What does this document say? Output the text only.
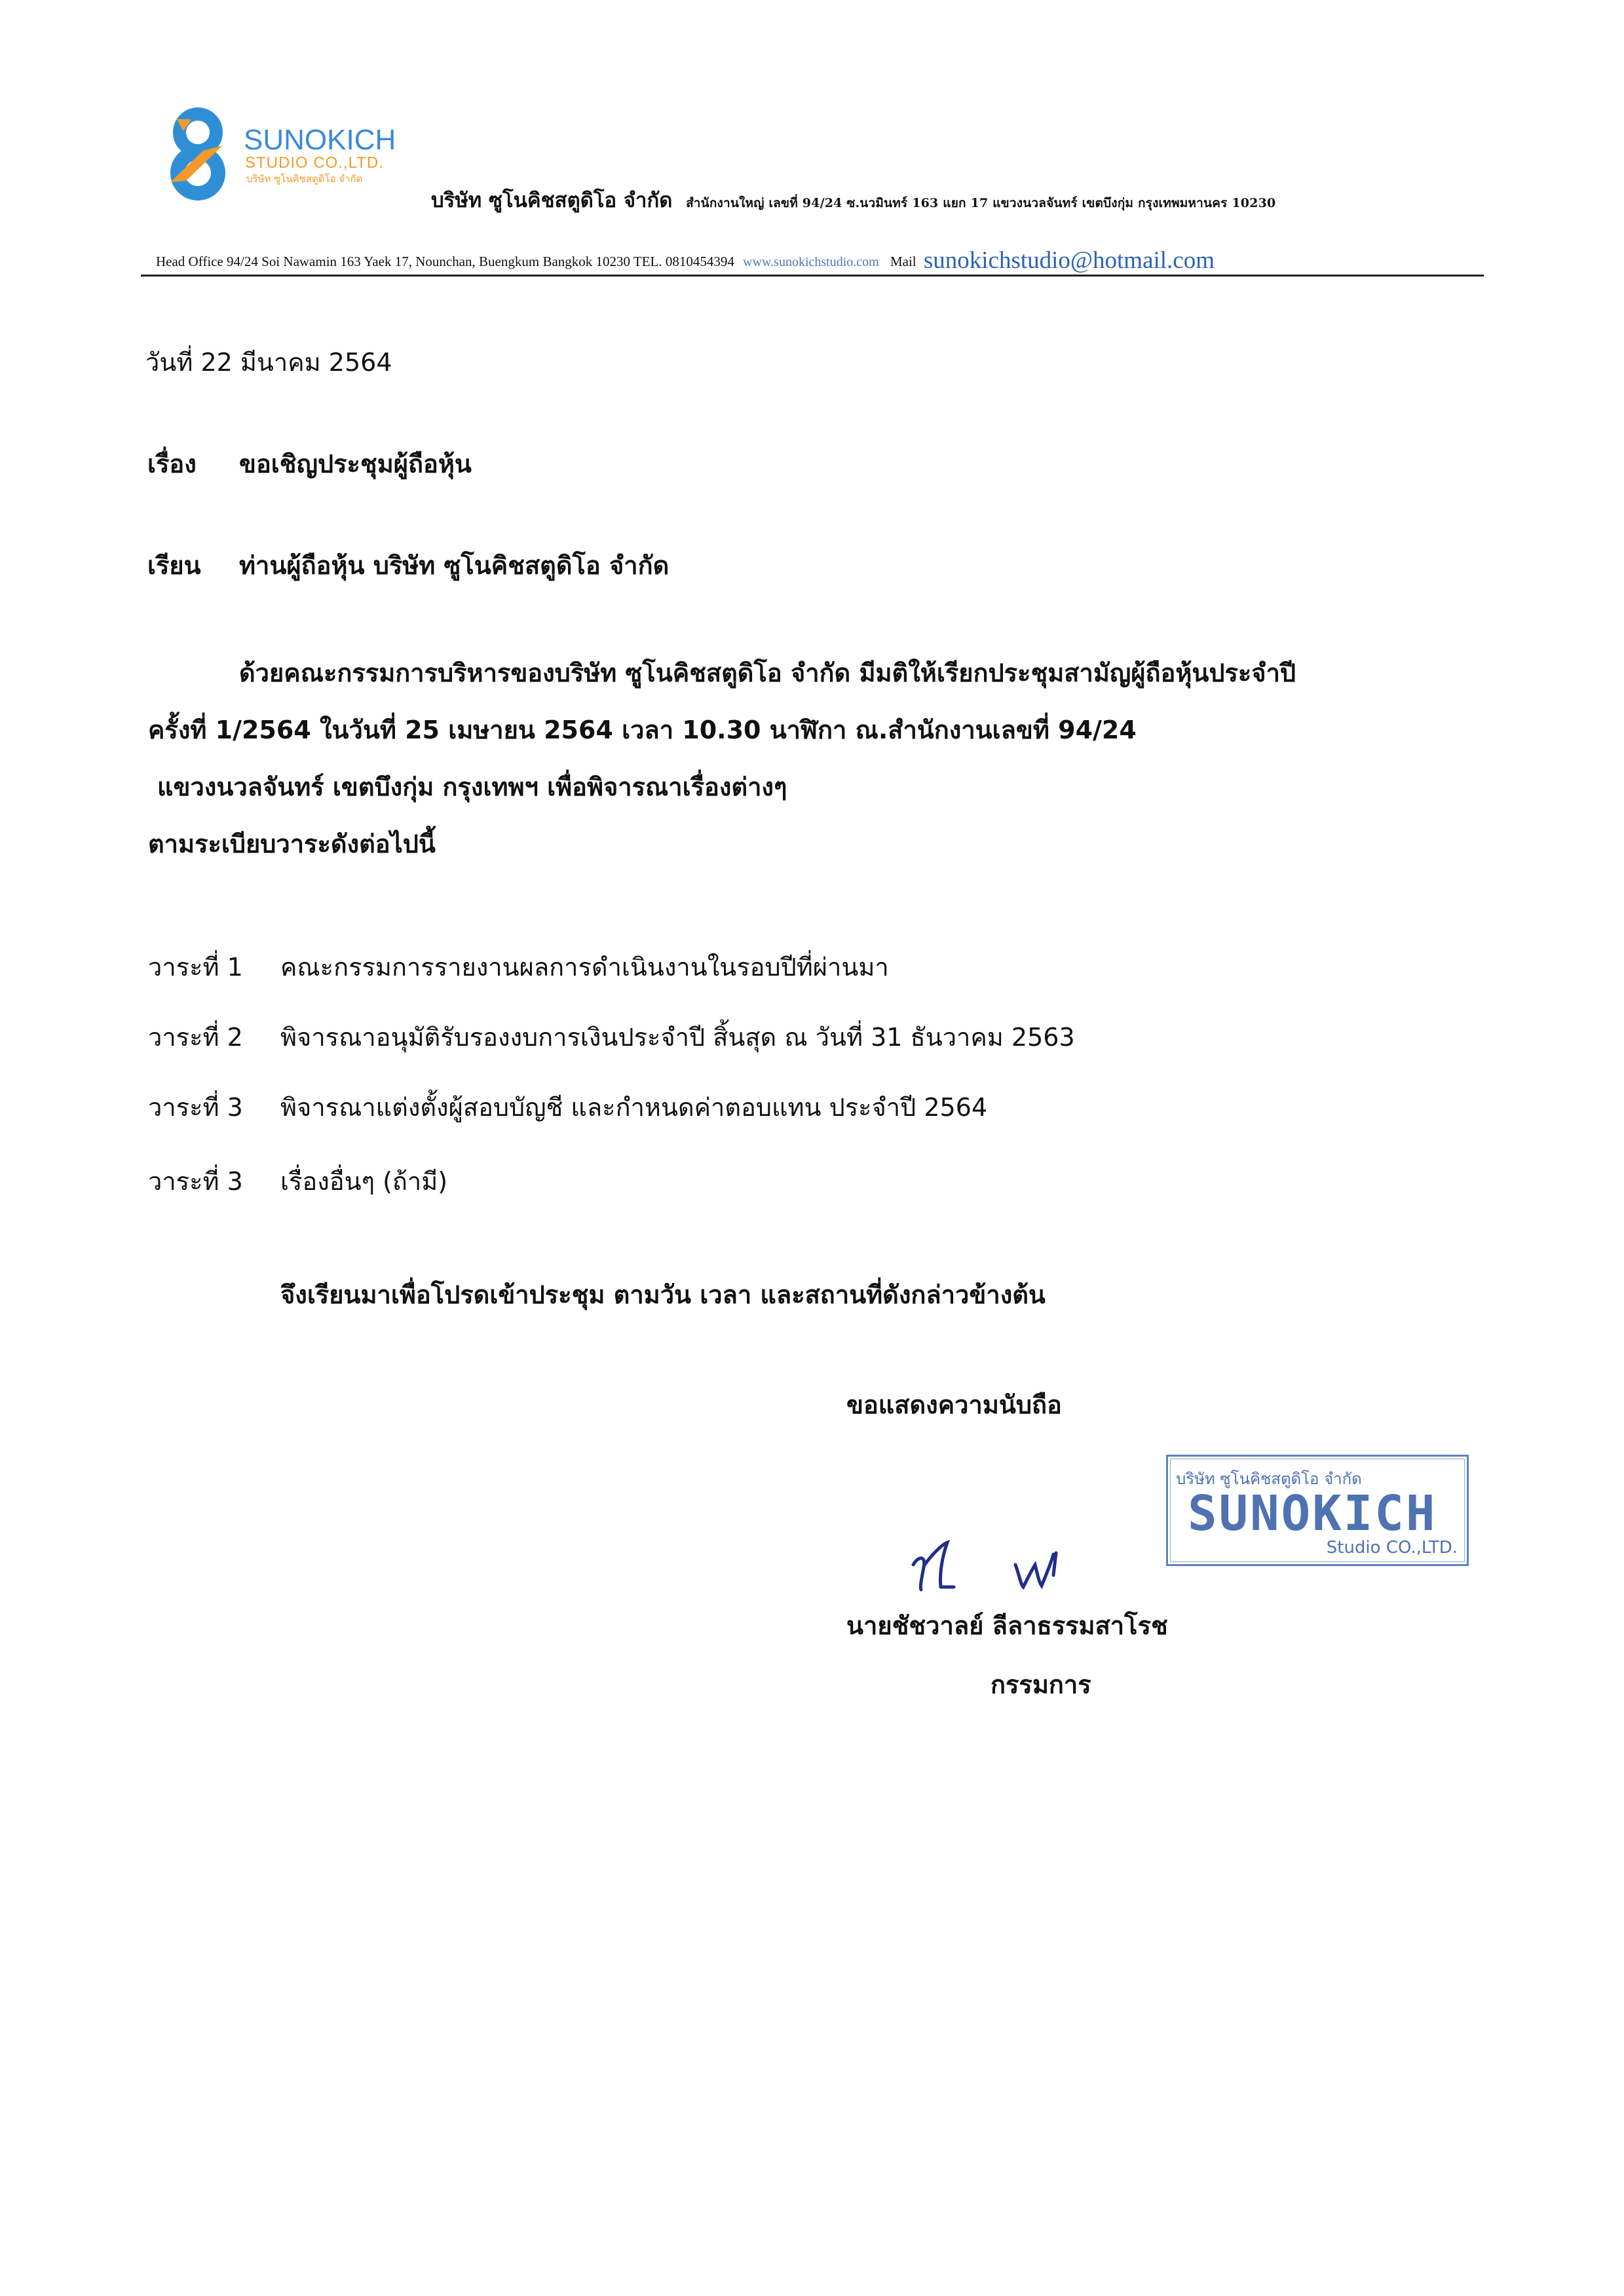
SUNOKICH
STUDIO CO.,LTD.
บริษัท ซูโนคิชสตูดิโอ จำกัด
บริษัท ซูโนคิชสตูดิโอ จำกัด สำนักงานใหญ่ เลขที่ 94/24 ซ.นวมินทร์ 163 แยก 17 แขวงนวลจันทร์ เขตบึงกุ่ม กรุงเทพมหานคร 10230
Head Office 94/24 Soi Nawamin 163 Yaek 17, Nounchan, Buengkum Bangkok 10230 TEL. 0810454394 www.sunokichstudio.com Mail sunokichstudio@hotmail.com
วันที่ 22 มีนาคม 2564
เรื่อง ขอเชิญประชุมผู้ถือหุ้น
เรียน ท่านผู้ถือหุ้น บริษัท ซูโนคิชสตูดิโอ จำกัด
ด้วยคณะกรรมการบริหารของบริษัท ซูโนคิชสตูดิโอ จำกัด มีมติให้เรียกประชุมสามัญผู้ถือหุ้นประจำปี
ครั้งที่ 1/2564 ในวันที่ 25 เมษายน 2564 เวลา 10.30 นาฬิกา ณ.สำนักงานเลขที่ 94/24
แขวงนวลจันทร์ เขตบึงกุ่ม กรุงเทพฯ เพื่อพิจารณาเรื่องต่างๆ
ตามระเบียบวาระดังต่อไปนี้
วาระที่ 1 คณะกรรมการรายงานผลการดำเนินงานในรอบปีที่ผ่านมา
วาระที่ 2 พิจารณาอนุมัติรับรองงบการเงินประจำปี สิ้นสุด ณ วันที่ 31 ธันวาคม 2563
วาระที่ 3 พิจารณาแต่งตั้งผู้สอบบัญชี และกำหนดค่าตอบแทน ประจำปี 2564
วาระที่ 3 เรื่องอื่นๆ (ถ้ามี)
จึงเรียนมาเพื่อโปรดเข้าประชุม ตามวัน เวลา และสถานที่ดังกล่าวข้างต้น
ขอแสดงความนับถือ
บริษัท ซูโนคิชสตูดิโอ จำกัด
SUNOKICH
Studio CO.,LTD.
นายชัชวาลย์ ลีลาธรรมสาโรช
กรรมการ
